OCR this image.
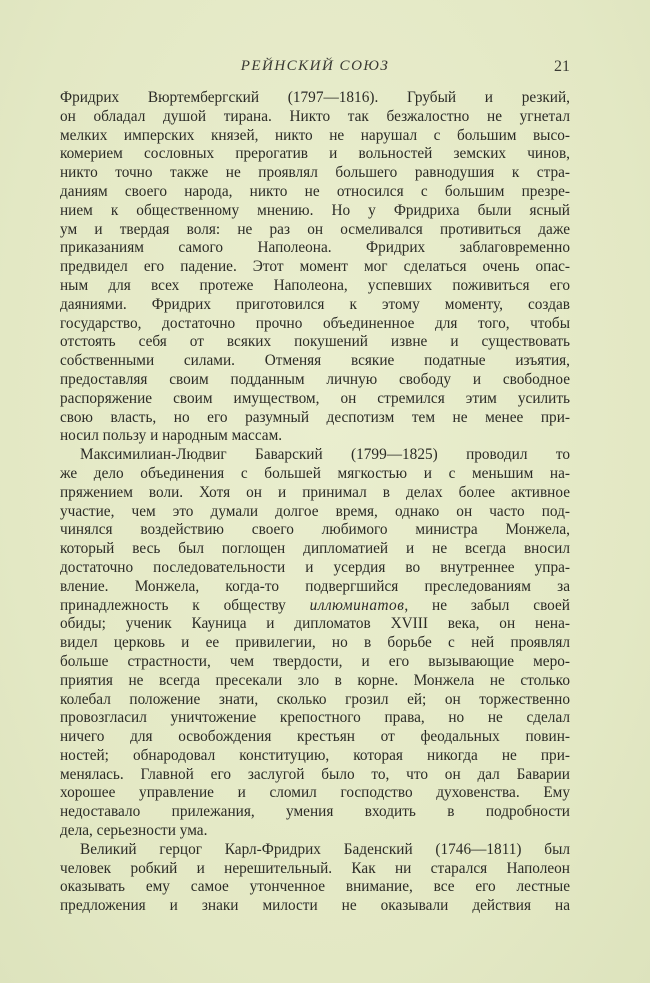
РЕЙНСКИЙ СОЮЗ	21
Фридрих Вюртембергский (1797—1816). Грубый и резкий,
он обладал душой тирана. Никто так безжалостно не угнетал
мелких имперских князей, никто не нарушал с большим высо-
комерием сословных прерогатив и вольностей земских чинов,
никто точно также не проявлял большего равнодушия к стра-
даниям своего народа, никто не относился с большим презре-
нием к общественному мнению. Но у Фридриха были ясный
ум и твердая воля: не раз он осмеливался противиться даже
приказаниям самого Наполеона. Фридрих заблаговременно
предвидел его падение. Этот момент мог сделаться очень опас-
ным для всех протеже Наполеона, успевших поживиться его
даяниями. Фридрих приготовился к этому моменту, создав
государство, достаточно прочно объединенное для того, чтобы
отстоять себя от всяких покушений извне и существовать
собственными силами. Отменяя всякие податные изъятия,
предоставляя своим подданным личную свободу и свободное
распоряжение своим имуществом, он стремился этим усилить
свою власть, но его разумный деспотизм тем не менее при-
носил пользу и народным массам.
Максимилиан-Людвиг Баварский (1799—1825) проводил то
же дело объединения с большей мягкостью и с меньшим на-
пряжением воли. Хотя он и принимал в делах более активное
участие, чем это думали долгое время, однако он часто под-
чинялся воздействию своего любимого министра Монжела,
который весь был поглощен дипломатией и не всегда вносил
достаточно последовательности и усердия во внутреннее упра-
вление. Монжела, когда-то подвергшийся преследованиям за
принадлежность к обществу иллюминатов, не забыл своей
обиды; ученик Кауница и дипломатов XVIII века, он нена-
видел церковь и ее привилегии, но в борьбе с ней проявлял
больше страстности, чем твердости, и его вызывающие меро-
приятия не всегда пресекали зло в корне. Монжела не столько
колебал положение знати, сколько грозил ей; он торжественно
провозгласил уничтожение крепостного права, но не сделал
ничего для освобождения крестьян от феодальных повин-
ностей; обнародовал конституцию, которая никогда не при-
менялась. Главной его заслугой было то, что он дал Баварии
хорошее управление и сломил господство духовенства. Ему
недоставало прилежания, умения входить в подробности
дела, серьезности ума.
Великий герцог Карл-Фридрих Баденский (1746—1811) был
человек робкий и нерешительный. Как ни старался Наполеон
оказывать ему самое утонченное внимание, все его лестные
предложения и знаки милости не оказывали действия на
